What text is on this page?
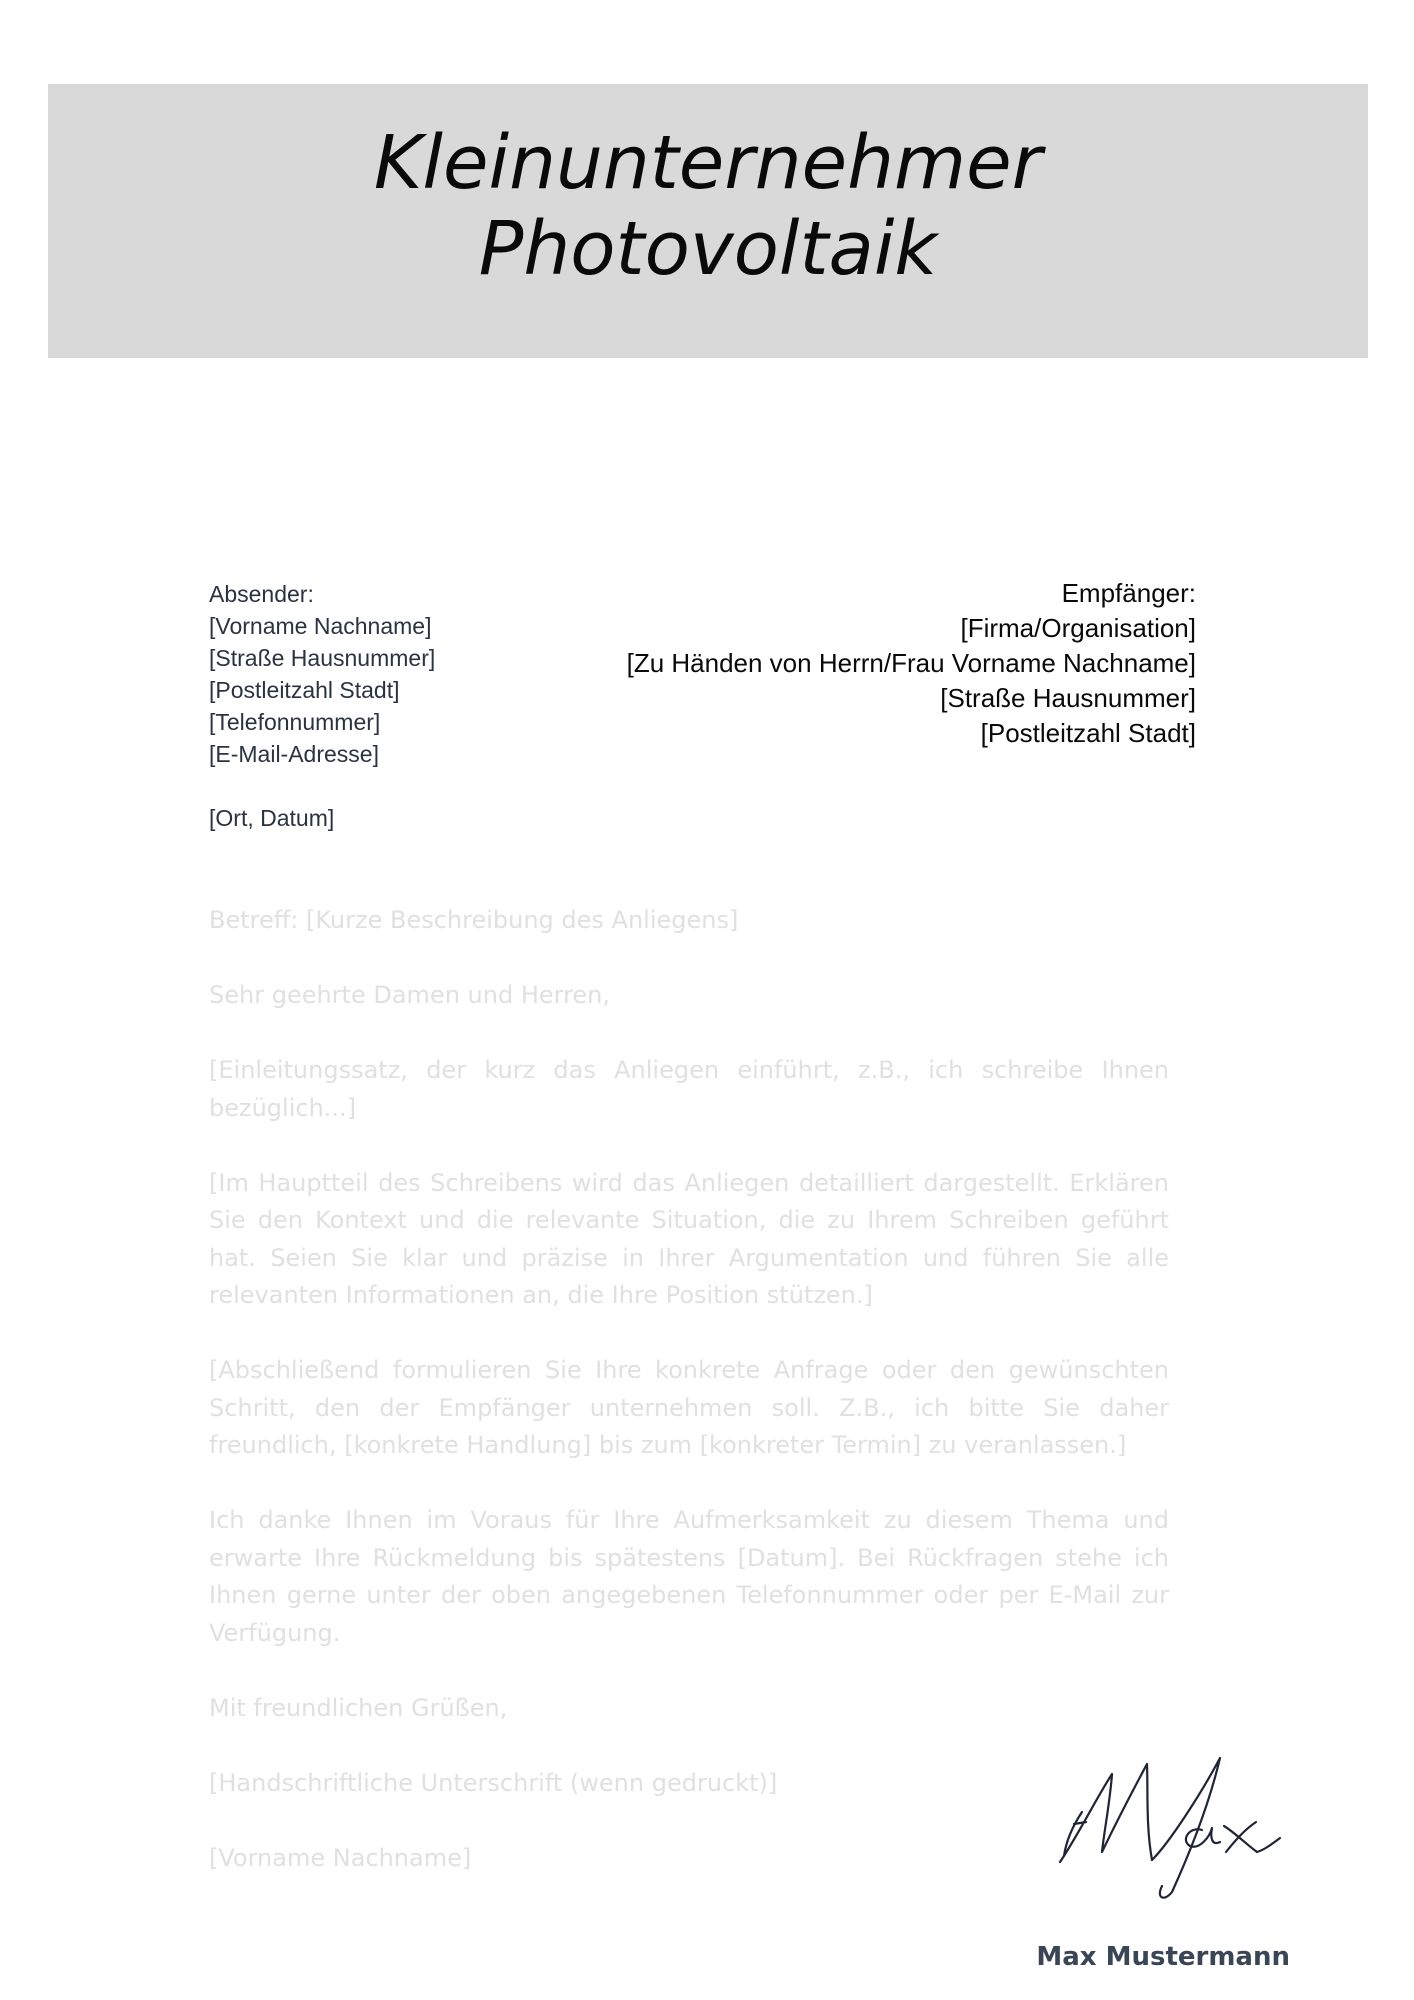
Kleinunternehmer
Photovoltaik
Absender:
[Vorname Nachname]
[Straße Hausnummer]
[Postleitzahl Stadt]
[Telefonnummer]
[E-Mail-Adresse]
[Ort, Datum]
Empfänger:
[Firma/Organisation]
[Zu Händen von Herrn/Frau Vorname Nachname]
[Straße Hausnummer]
[Postleitzahl Stadt]

Betreff: [Kurze Beschreibung des Anliegens]

Sehr geehrte Damen und Herren,

[Einleitungssatz, der kurz das Anliegen einführt, z.B., ich schreibe Ihnen bezüglich...]

[Im Hauptteil des Schreibens wird das Anliegen detailliert dargestellt. Erklären Sie den Kontext und die relevante Situation, die zu Ihrem Schreiben geführt hat. Seien Sie klar und präzise in Ihrer Argumentation und führen Sie alle relevanten Informationen an, die Ihre Position stützen.]

[Abschließend formulieren Sie Ihre konkrete Anfrage oder den gewünschten Schritt, den der Empfänger unternehmen soll. Z.B., ich bitte Sie daher freundlich, [konkrete Handlung] bis zum [konkreter Termin] zu veranlassen.]

Ich danke Ihnen im Voraus für Ihre Aufmerksamkeit zu diesem Thema und erwarte Ihre Rückmeldung bis spätestens [Datum]. Bei Rückfragen stehe ich Ihnen gerne unter der oben angegebenen Telefonnummer oder per E-Mail zur Verfügung.

Mit freundlichen Grüßen,

[Handschriftliche Unterschrift (wenn gedruckt)]

[Vorname Nachname]

Max Mustermann
